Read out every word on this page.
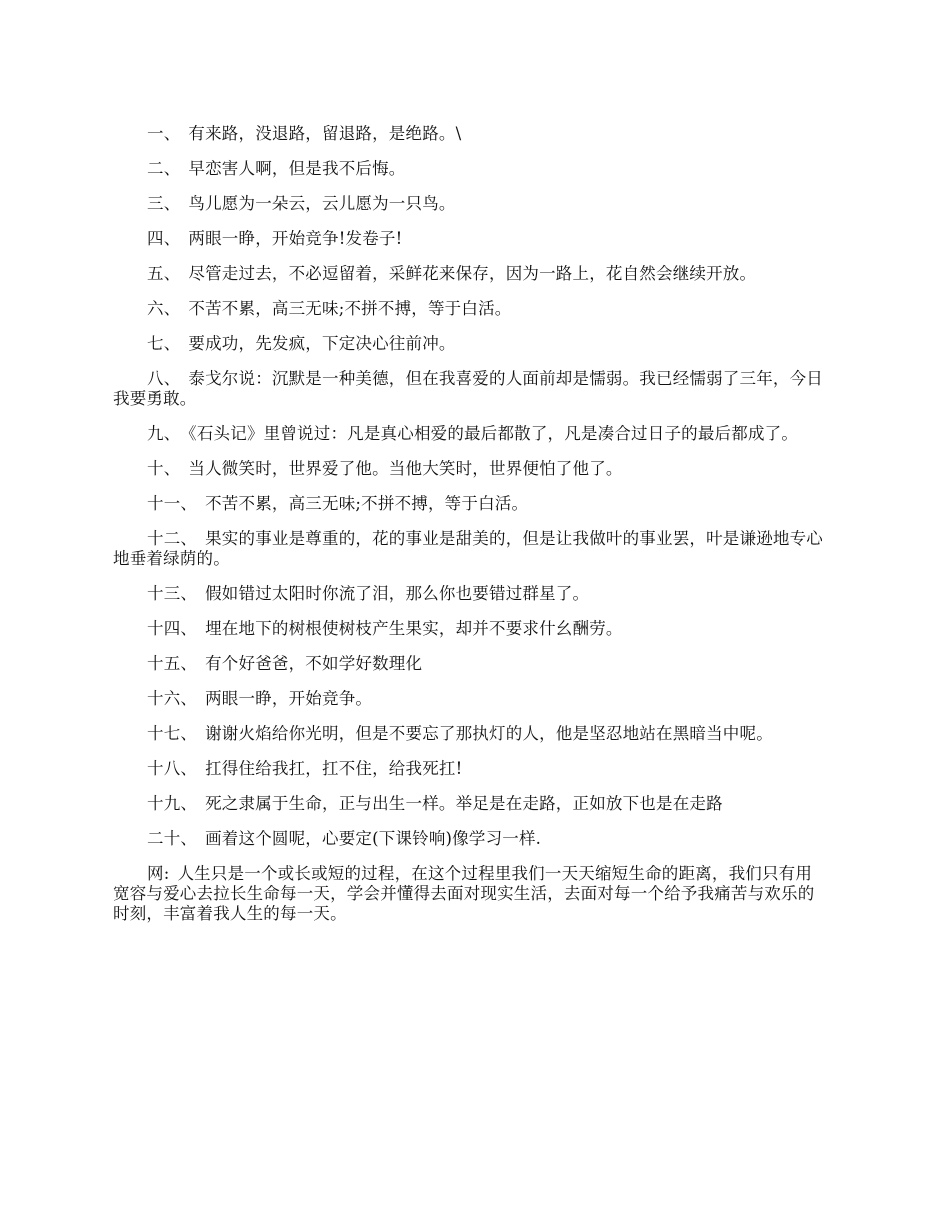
一、 有来路，没退路，留退路，是绝路。\

二、 早恋害人啊，但是我不后悔。

三、 鸟儿愿为一朵云，云儿愿为一只鸟。

四、 两眼一睁，开始竞争!发卷子!

五、 尽管走过去，不必逗留着，采鲜花来保存，因为一路上，花自然会继续开放。

六、 不苦不累，高三无味;不拼不搏，等于白活。

七、 要成功，先发疯，下定决心往前冲。

八、 泰戈尔说：沉默是一种美德，但在我喜爱的人面前却是懦弱。我已经懦弱了三年，今日我要勇敢。

九、 《石头记》里曾说过：凡是真心相爱的最后都散了，凡是凑合过日子的最后都成了。

十、 当人微笑时，世界爱了他。当他大笑时，世界便怕了他了。

十一、 不苦不累，高三无味;不拼不搏，等于白活。

十二、 果实的事业是尊重的，花的事业是甜美的，但是让我做叶的事业罢，叶是谦逊地专心地垂着绿荫的。

十三、 假如错过太阳时你流了泪，那么你也要错过群星了。

十四、 埋在地下的树根使树枝产生果实，却并不要求什幺酬劳。

十五、 有个好爸爸，不如学好数理化

十六、 两眼一睁，开始竞争。

十七、 谢谢火焰给你光明，但是不要忘了那执灯的人，他是坚忍地站在黑暗当中呢。

十八、 扛得住给我扛，扛不住，给我死扛!

十九、 死之隶属于生命，正与出生一样。举足是在走路，正如放下也是在走路

二十、 画着这个圆呢，心要定(下课铃响)像学习一样.

网: 人生只是一个或长或短的过程，在这个过程里我们一天天缩短生命的距离，我们只有用宽容与爱心去拉长生命每一天，学会并懂得去面对现实生活，去面对每一个给予我痛苦与欢乐的时刻，丰富着我人生的每一天。
